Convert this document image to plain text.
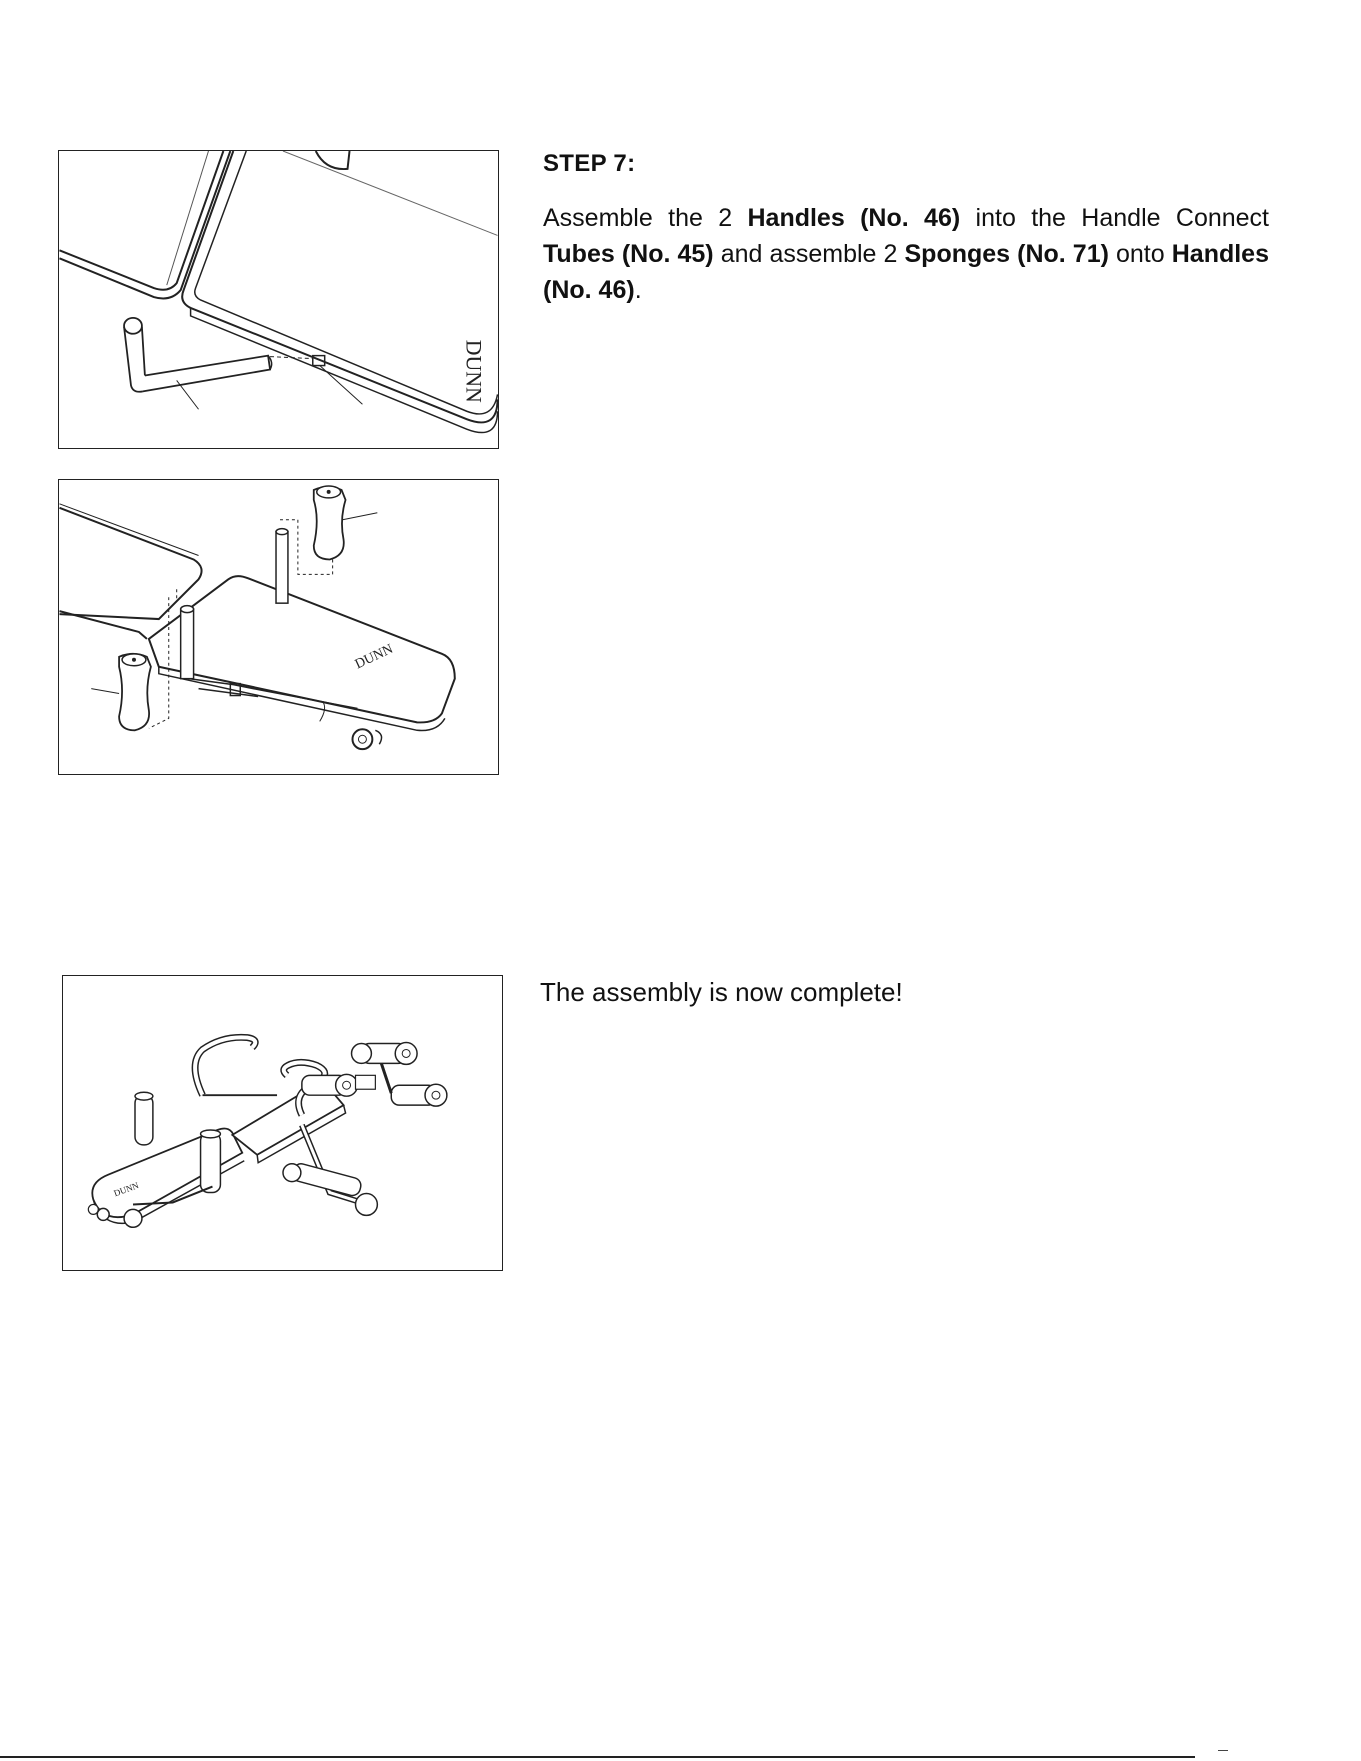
DUNN
DUNN
DUNN
STEP 7:
Assemble the 2 Handles (No. 46) into the Handle Connect Tubes (No. 45) and assemble 2 Sponges (No. 71) onto Handles (No. 46).
The assembly is now complete!
